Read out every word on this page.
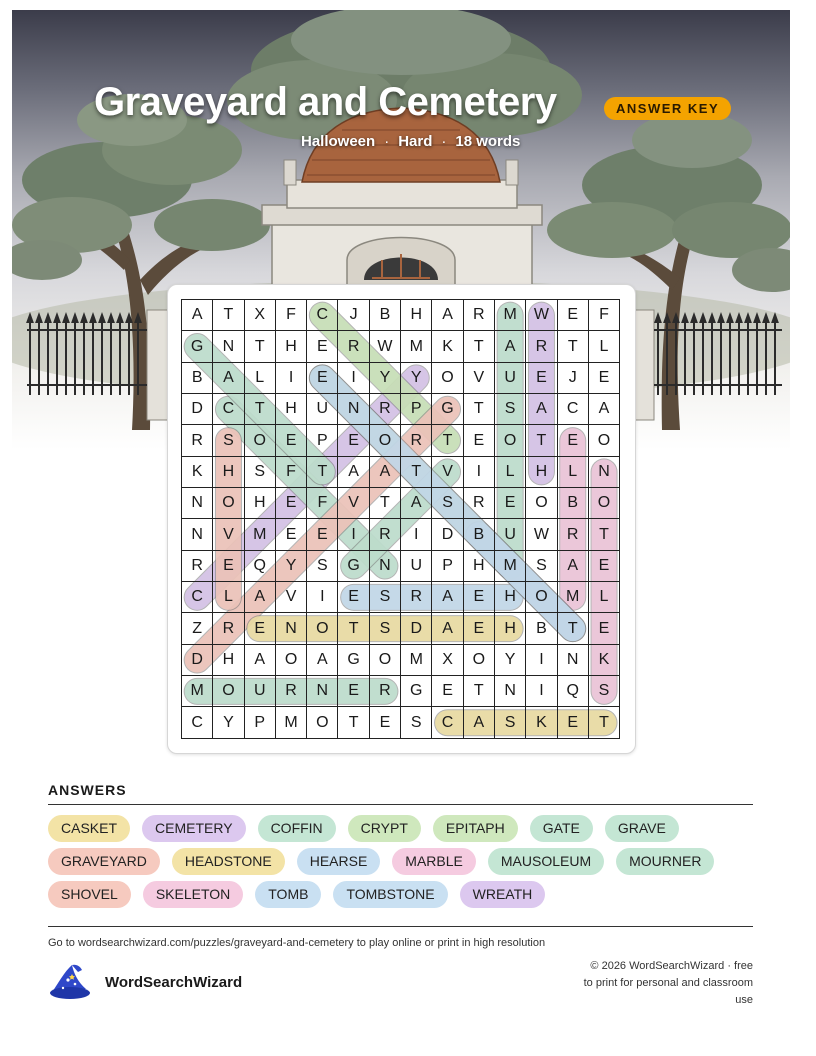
Graveyard and Cemetery	ANSWER KEY
Halloween · Hard · 18 words
A	T	X	F	C	J	B	H	A	R	M	W	E	F
G	N	T	H	E	R	W	M	K	T	A	R	T	L
B	A	L	I	E	I	Y	Y	O	V	U	E	J	E
D	C	T	H	U	N	R	P	G	T	S	A	C	A
R	S	O	E	P	E	O	R	T	E	O	T	E	O
K	H	S	F	T	A	A	T	V	I	L	H	L	N
N	O	H	E	F	V	T	A	S	R	E	O	B	O
N	V	M	E	E	I	R	I	D	B	U	W	R	T
R	E	Q	Y	S	G	N	U	P	H	M	S	A	E
C	L	A	V	I	E	S	R	A	E	H	O	M	L
Z	R	E	N	O	T	S	D	A	E	H	B	T	E
D	H	A	O	A	G	O	M	X	O	Y	I	N	K
M	O	U	R	N	E	R	G	E	T	N	I	Q	S
C	Y	P	M	O	T	E	S	C	A	S	K	E	T
ANSWERS
CASKET	CEMETERY	COFFIN	CRYPT	EPITAPH	GATE	GRAVE
GRAVEYARD	HEADSTONE	HEARSE	MARBLE	MAUSOLEUM	MOURNER
SHOVEL	SKELETON	TOMB	TOMBSTONE	WREATH
Go to wordsearchwizard.com/puzzles/graveyard-and-cemetery to play online or print in high resolution
WordSearchWizard
© 2026 WordSearchWizard · free to print for personal and classroom use
